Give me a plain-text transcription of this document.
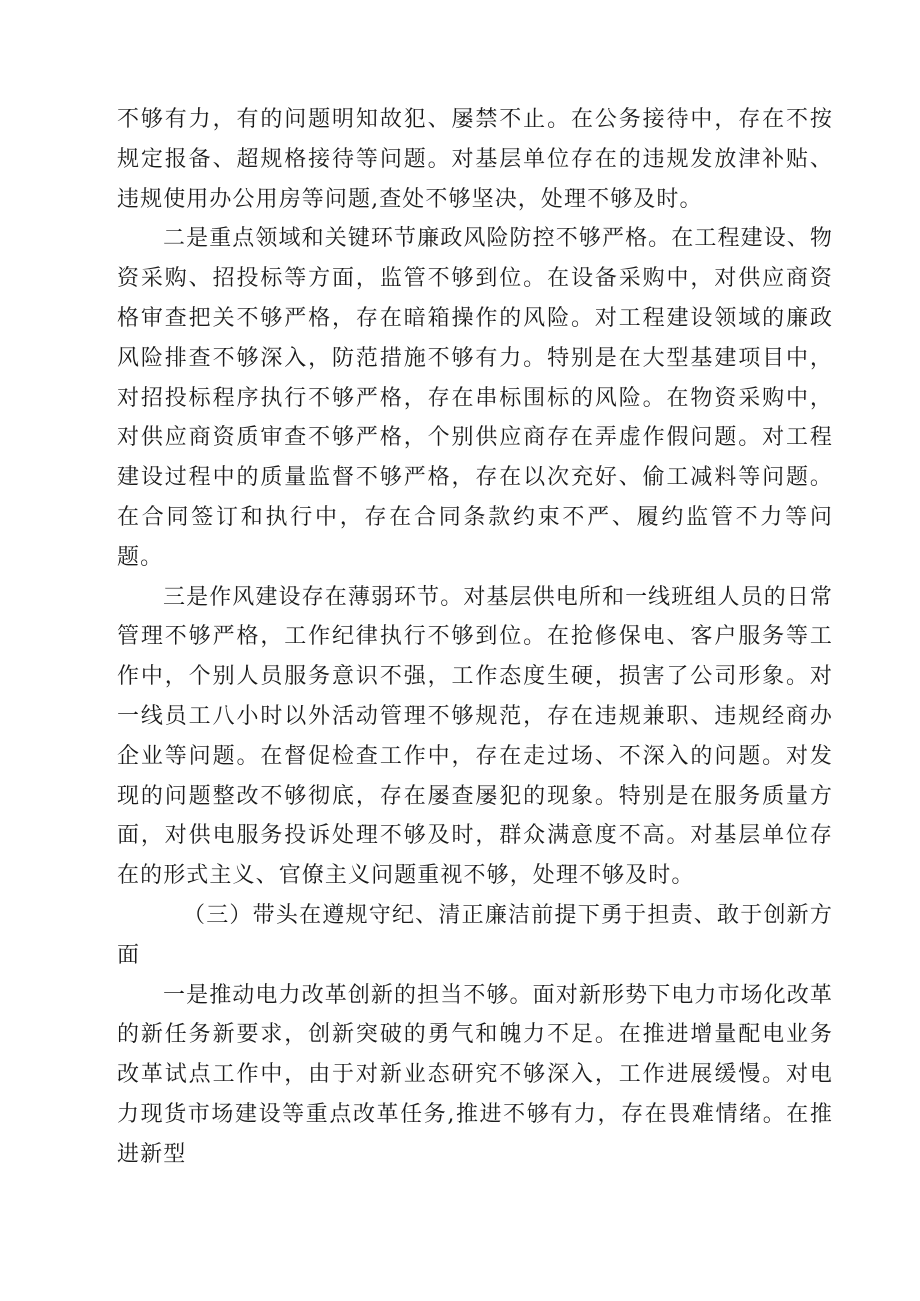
不够有力，有的问题明知故犯、屡禁不止。在公务接待中，存在不按规定报备、超规格接待等问题。对基层单位存在的违规发放津补贴、违规使用办公用房等问题,查处不够坚决，处理不够及时。

二是重点领域和关键环节廉政风险防控不够严格。在工程建设、物资采购、招投标等方面，监管不够到位。在设备采购中，对供应商资格审查把关不够严格，存在暗箱操作的风险。对工程建设领域的廉政风险排查不够深入，防范措施不够有力。特别是在大型基建项目中，对招投标程序执行不够严格，存在串标围标的风险。在物资采购中，对供应商资质审查不够严格，个别供应商存在弄虚作假问题。对工程建设过程中的质量监督不够严格，存在以次充好、偷工减料等问题。在合同签订和执行中，存在合同条款约束不严、履约监管不力等问题。

三是作风建设存在薄弱环节。对基层供电所和一线班组人员的日常管理不够严格，工作纪律执行不够到位。在抢修保电、客户服务等工作中，个别人员服务意识不强，工作态度生硬，损害了公司形象。对一线员工八小时以外活动管理不够规范，存在违规兼职、违规经商办企业等问题。在督促检查工作中，存在走过场、不深入的问题。对发现的问题整改不够彻底，存在屡查屡犯的现象。特别是在服务质量方面，对供电服务投诉处理不够及时，群众满意度不高。对基层单位存在的形式主义、官僚主义问题重视不够，处理不够及时。

（三）带头在遵规守纪、清正廉洁前提下勇于担责、敢于创新方面

一是推动电力改革创新的担当不够。面对新形势下电力市场化改革的新任务新要求，创新突破的勇气和魄力不足。在推进增量配电业务改革试点工作中，由于对新业态研究不够深入，工作进展缓慢。对电力现货市场建设等重点改革任务,推进不够有力，存在畏难情绪。在推进新型
